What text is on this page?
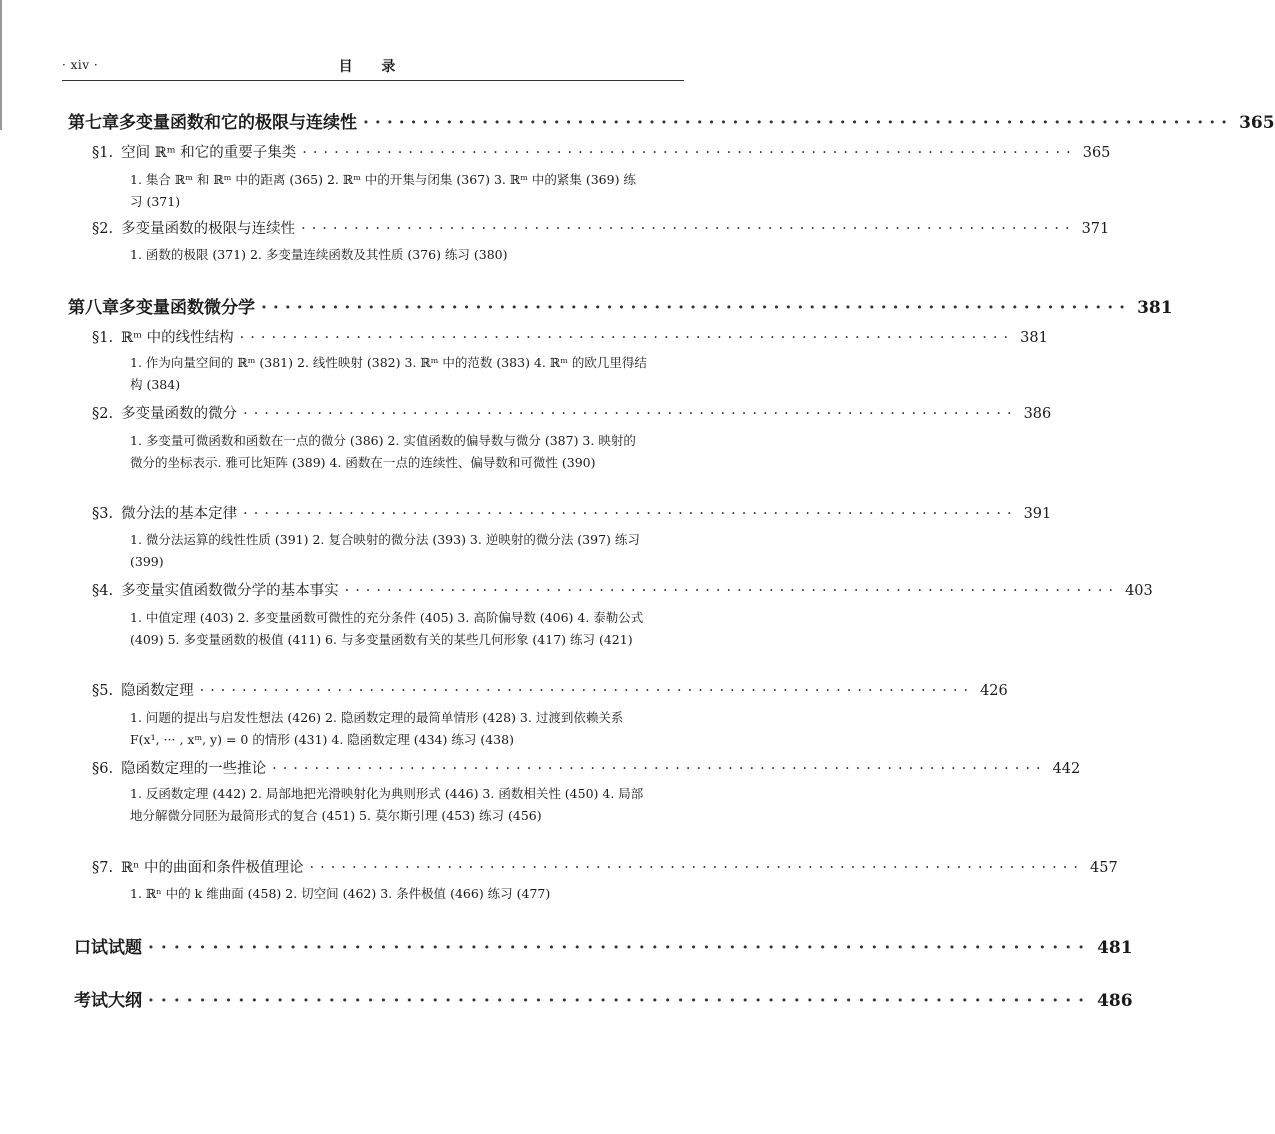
· xiv ·	目 录
第七章 多变量函数和它的极限与连续性 ········································································· 365
§1. 空间 ℝᵐ 和它的重要子集类 ········································································· 365
1. 集合 ℝᵐ 和 ℝᵐ 中的距离 (365) 2. ℝᵐ 中的开集与闭集 (367) 3. ℝᵐ 中的紧集 (369) 练习 (371)
§2. 多变量函数的极限与连续性 ········································································· 371
1. 函数的极限 (371) 2. 多变量连续函数及其性质 (376) 练习 (380)
第八章 多变量函数微分学 ········································································· 381
§1. ℝᵐ 中的线性结构 ········································································· 381
1. 作为向量空间的 ℝᵐ (381) 2. 线性映射 (382) 3. ℝᵐ 中的范数 (383) 4. ℝᵐ 的欧几里得结构 (384)
§2. 多变量函数的微分 ········································································· 386
1. 多变量可微函数和函数在一点的微分 (386) 2. 实值函数的偏导数与微分 (387) 3. 映射的微分的坐标表示. 雅可比矩阵 (389) 4. 函数在一点的连续性、偏导数和可微性 (390)
§3. 微分法的基本定律 ········································································· 391
1. 微分法运算的线性性质 (391) 2. 复合映射的微分法 (393) 3. 逆映射的微分法 (397) 练习 (399)
§4. 多变量实值函数微分学的基本事实 ········································································· 403
1. 中值定理 (403) 2. 多变量函数可微性的充分条件 (405) 3. 高阶偏导数 (406) 4. 泰勒公式 (409) 5. 多变量函数的极值 (411) 6. 与多变量函数有关的某些几何形象 (417) 练习 (421)
§5. 隐函数定理 ········································································· 426
1. 问题的提出与启发性想法 (426) 2. 隐函数定理的最简单情形 (428) 3. 过渡到依赖关系 F(x¹, ··· , xᵐ, y) = 0 的情形 (431) 4. 隐函数定理 (434) 练习 (438)
§6. 隐函数定理的一些推论 ········································································· 442
1. 反函数定理 (442) 2. 局部地把光滑映射化为典则形式 (446) 3. 函数相关性 (450) 4. 局部地分解微分同胚为最简形式的复合 (451) 5. 莫尔斯引理 (453) 练习 (456)
§7. ℝⁿ 中的曲面和条件极值理论 ········································································· 457
1. ℝⁿ 中的 k 维曲面 (458) 2. 切空间 (462) 3. 条件极值 (466) 练习 (477)
口试试题 ········································································· 481
考试大纲 ········································································· 486
